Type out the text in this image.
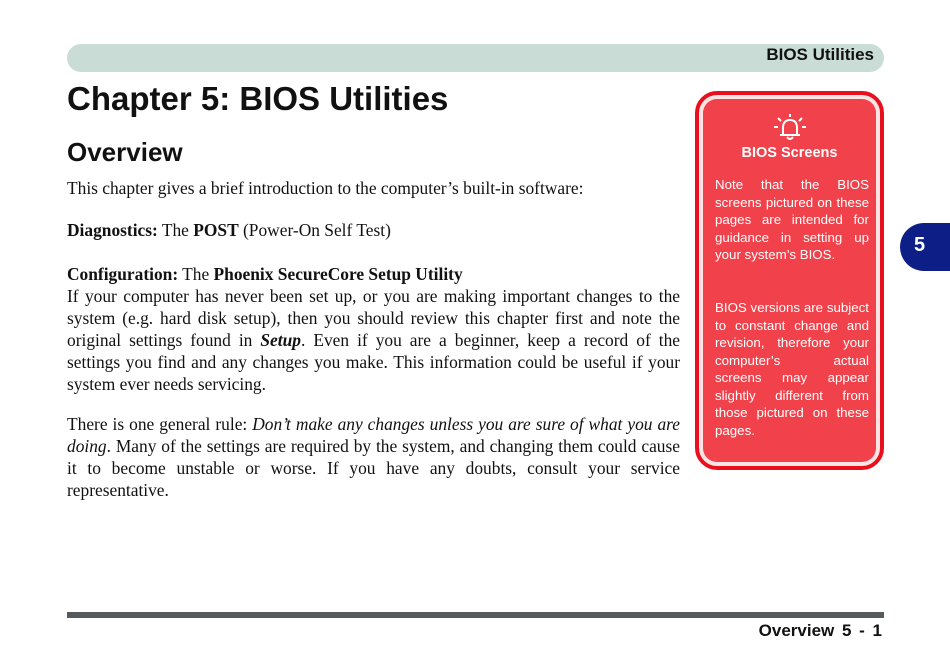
BIOS Utilities
Chapter 5: BIOS Utilities
Overview

This chapter gives a brief introduction to the computer’s built-in software:

Diagnostics: The POST (Power-On Self Test)

Configuration: The Phoenix SecureCore Setup Utility
If your computer has never been set up, or you are making important changes to the system (e.g. hard disk setup), then you should review this chapter first and note the original settings found in Setup. Even if you are a beginner, keep a record of the settings you find and any changes you make. This information could be useful if your system ever needs servicing.

There is one general rule: Don’t make any changes unless you are sure of what you are doing. Many of the settings are required by the system, and changing them could cause it to become unstable or worse. If you have any doubts, consult your service representative.

BIOS Screens

Note that the BIOS screens pictured on these pages are intended for guidance in setting up your system’s BIOS.

BIOS versions are subject to constant change and revision, therefore your computer’s actual screens may appear slightly different from those pictured on these pages.

5
Overview 5 - 1
